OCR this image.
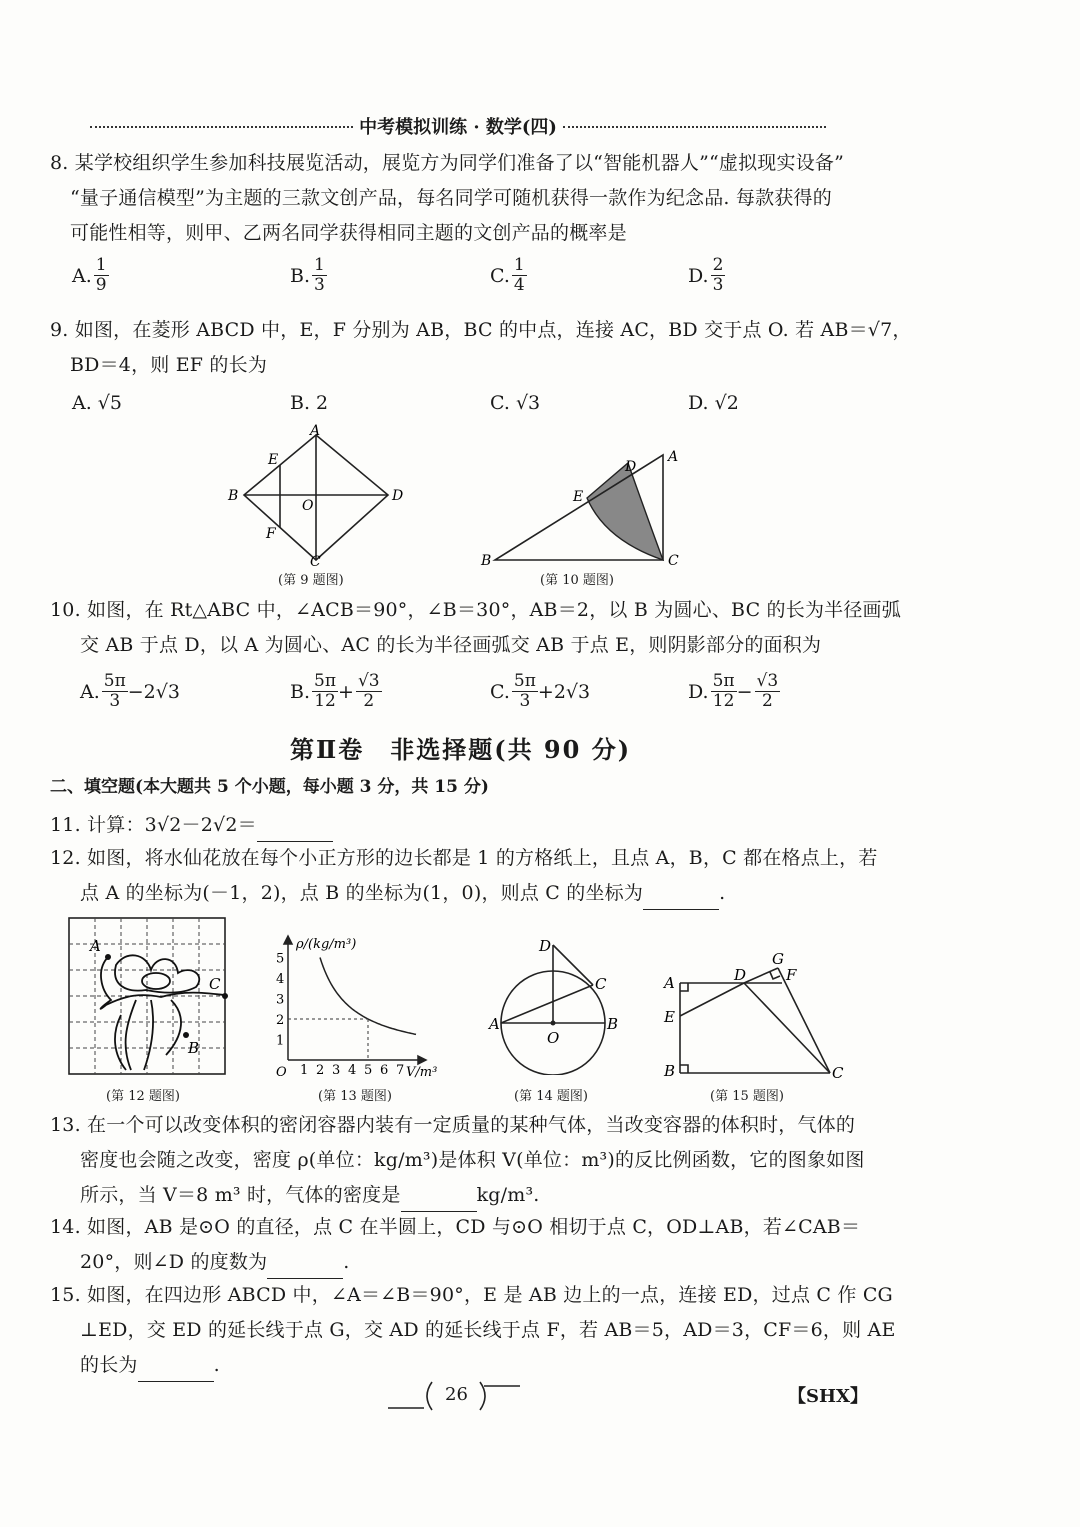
中考模拟训练 · 数学(四)
8. 某学校组织学生参加科技展览活动，展览方为同学们准备了以“智能机器人”“虚拟现实设备”
“量子通信模型”为主题的三款文创产品，每名同学可随机获得一款作为纪念品. 每款获得的
可能性相等，则甲、乙两名同学获得相同主题的文创产品的概率是
A. $\frac{1}{9}$	B. $\frac{1}{3}$	C. $\frac{1}{4}$	D. $\frac{2}{3}$
9. 如图，在菱形 ABCD 中，E，F 分别为 AB，BC 的中点，连接 AC，BD 交于点 O. 若 AB＝√7，
BD＝4，则 EF 的长为
A. √5	B. 2	C. √3	D. √2
A
B
C
D
E
F
O
(第 9 题图)
B	C
A
D
E
(第 10 题图)
10. 如图，在 Rt△ABC 中，∠ACB＝90°，∠B＝30°，AB＝2，以 B 为圆心、BC 的长为半径画弧
交 AB 于点 D，以 A 为圆心、AC 的长为半径画弧交 AB 于点 E，则阴影部分的面积为
A. $\frac{5\pi}{3} -2√3$	B. $\frac{5\pi}{12} + \frac{√3}{2}$	C. $\frac{5\pi}{3} +2√3$	D. $\frac{5\pi}{12} - \frac{√3}{2}$
第Ⅱ卷　非选择题(共 90 分)
二、填空题(本大题共 5 个小题，每小题 3 分，共 15 分)
11. 计算：3√2－2√2＝
12. 如图，将水仙花放在每个小正方形的边长都是 1 的方格纸上，且点 A，B，C 都在格点上，若
点 A 的坐标为(－1，2)，点 B 的坐标为(1，0)，则点 C 的坐标为	.
A
C
B
(第 12 题图)
ρ/(kg/m³)
V/m³
O 1 2 3 4 5 6 7
1
2
3
4
5
(第 13 题图)
D
C
A	B
O
(第 14 题图)
A
E
B	C
D
G
F
(第 15 题图)
13. 在一个可以改变体积的密闭容器内装有一定质量的某种气体，当改变容器的体积时，气体的
密度也会随之改变，密度 ρ(单位：kg/m³)是体积 V(单位：m³)的反比例函数，它的图象如图
所示，当 V＝8 m³ 时，气体的密度是	kg/m³.
14. 如图，AB 是⊙O 的直径，点 C 在半圆上，CD 与⊙O 相切于点 C，OD⊥AB，若∠CAB＝
20°，则∠D 的度数为	.
15. 如图，在四边形 ABCD 中，∠A＝∠B＝90°，E 是 AB 边上的一点，连接 ED，过点 C 作 CG
⊥ED，交 ED 的延长线于点 G，交 AD 的延长线于点 F，若 AB＝5，AD＝3，CF＝6，则 AE
的长为	.
26	【SHX】
